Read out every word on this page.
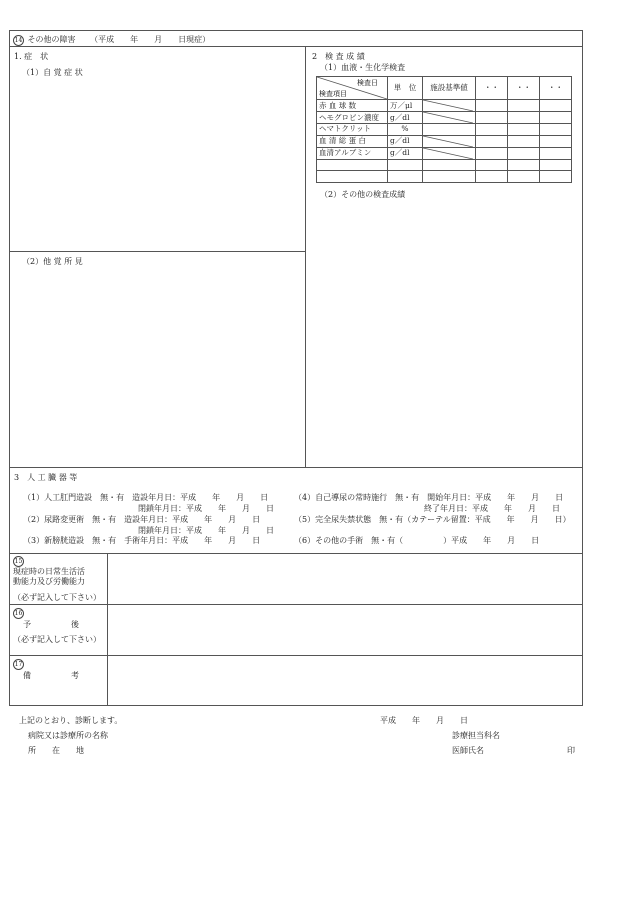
14 その他の障害 （平成　　年　　月　　日現症）
1. 症　状
（1）自 覚 症 状
（2）他 覚 所 見
2　検 査 成 績
（1）血液・生化学検査
検査日
検査項目	単　位	施設基準値	・・	・・	・・
赤 血 球 数	万／μl	

ヘモグロビン濃度	g／dl	

ヘマトクリット	%				
血 清 総 蛋 白	g／dl	

血清アルブミン	g／dl	

（2）その他の検査成績
3　人 工 臓 器 等
（1）人工肛門造設　無・有　造設年月日：平成　　年　　月　　日
閉鎖年月日：平成　　年　　月　　日
（4）自己導尿の常時施行　無・有　開始年月日：平成　　年　　月　　日
終了年月日：平成　　年　　月　　日
（2）尿路変更術　無・有　造設年月日：平成　　年　　月　　日
閉鎖年月日：平成　　年　　月　　日
（5）完全尿失禁状態　無・有（カテーテル留置：平成　　年　　月　　日）
（3）新膀胱造設　無・有　手術年月日：平成　　年　　月　　日	（6）その他の手術　無・有（　　　　　）平成　　年　　月　　日
15
現症時の日常生活活
動能力及び労働能力
（必ず記入して下さい）
16
予　　　　　後
（必ず記入して下さい）
17
備　　　　　考
上記のとおり、診断します。	平成　　年　　月　　日
病院又は診療所の名称	診療担当科名
所　　在　　地	医師氏名	印
